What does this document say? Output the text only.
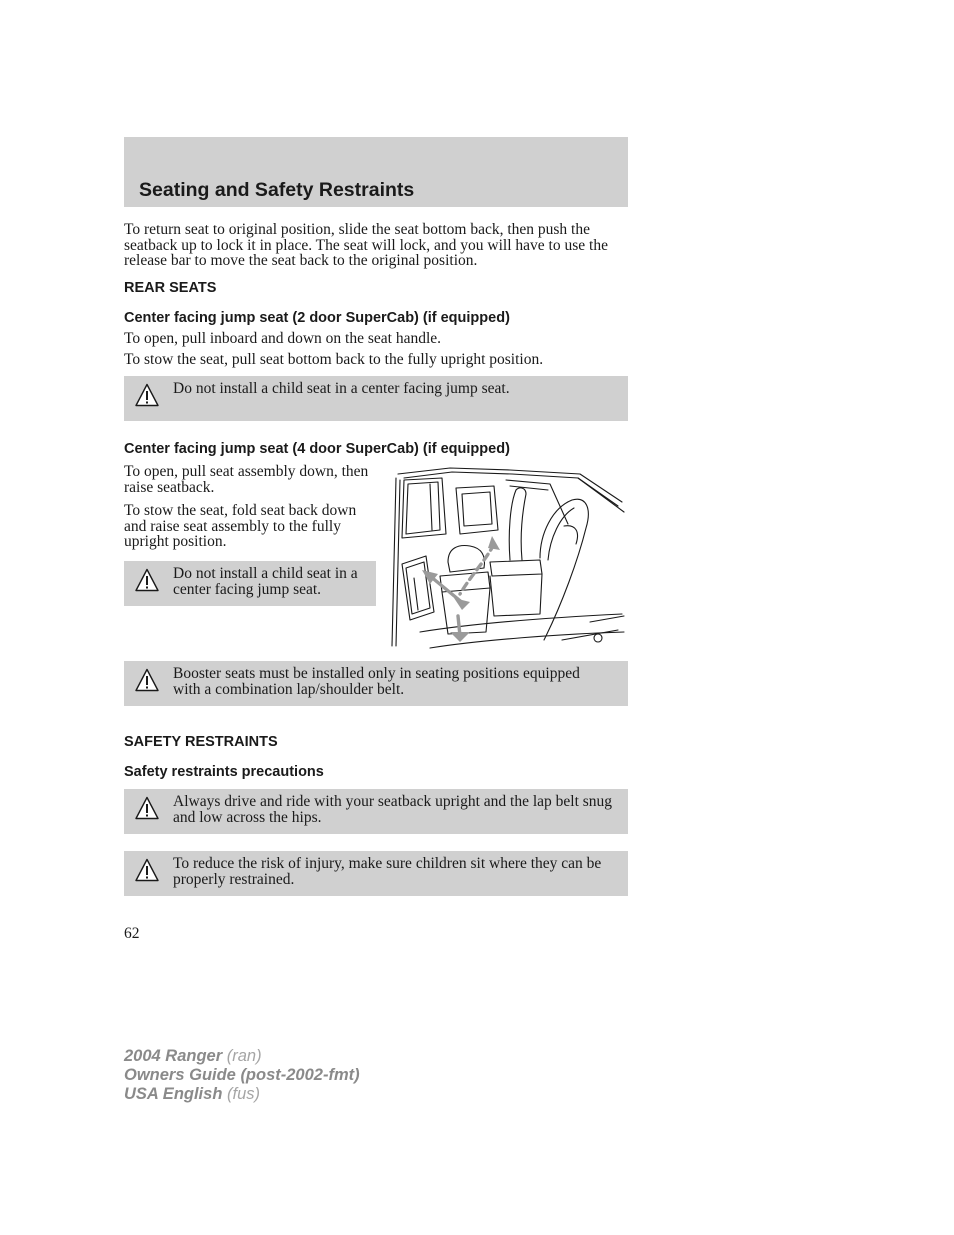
Seating and Safety Restraints
To return seat to original position, slide the seat bottom back, then push the seatback up to lock it in place. The seat will lock, and you will have to use the release bar to move the seat back to the original position.
REAR SEATS
Center facing jump seat (2 door SuperCab) (if equipped)
To open, pull inboard and down on the seat handle.
To stow the seat, pull seat bottom back to the fully upright position.
Do not install a child seat in a center facing jump seat.
Center facing jump seat (4 door SuperCab) (if equipped)
To open, pull seat assembly down, then raise seatback.
To stow the seat, fold seat back down and raise seat assembly to the fully upright position.
Do not install a child seat in a center facing jump seat.
Booster seats must be installed only in seating positions equipped with a combination lap/shoulder belt.
SAFETY RESTRAINTS
Safety restraints precautions
Always drive and ride with your seatback upright and the lap belt snug and low across the hips.
To reduce the risk of injury, make sure children sit where they can be properly restrained.
62
2004 Ranger (ran)
Owners Guide (post-2002-fmt)
USA English (fus)
